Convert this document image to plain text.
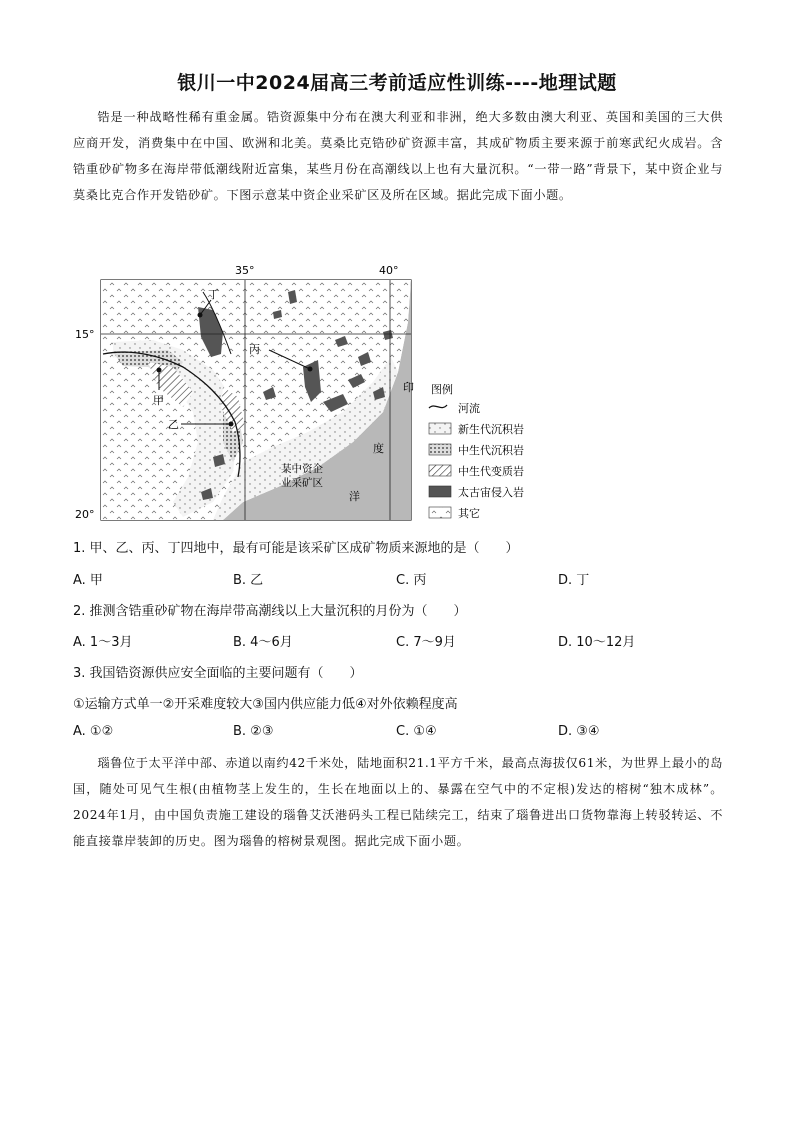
银川一中2024届高三考前适应性训练----地理试题

锆是一种战略性稀有重金属。锆资源集中分布在澳大利亚和非洲，绝大多数由澳大利亚、英国和美国的三大供应商开发，消费集中在中国、欧洲和北美。莫桑比克锆砂矿资源丰富，其成矿物质主要来源于前寒武纪火成岩。含锆重砂矿物多在海岸带低潮线附近富集，某些月份在高潮线以上也有大量沉积。“一带一路”背景下，某中资企业与莫桑比克合作开发锆砂矿。下图示意某中资企业采矿区及所在区域。据此完成下面小题。

35°	40°
15°
20°
丁
丙
甲
乙
某中资企
业采矿区
印
度
洋
图例
河流
新生代沉积岩
中生代沉积岩
中生代变质岩
太古宙侵入岩
其它
1. 甲、乙、丙、丁四地中，最有可能是该采矿区成矿物质来源地的是（　　）
A. 甲	B. 乙	C. 丙	D. 丁
2. 推测含锆重砂矿物在海岸带高潮线以上大量沉积的月份为（　　）
A. 1～3月	B. 4～6月	C. 7～9月	D. 10～12月
3. 我国锆资源供应安全面临的主要问题有（　　）
①运输方式单一②开采难度较大③国内供应能力低④对外依赖程度高
A. ①②	B. ②③	C. ①④	D. ③④

瑙鲁位于太平洋中部、赤道以南约42千米处，陆地面积21.1平方千米，最高点海拔仅61米，为世界上最小的岛国，随处可见气生根(由植物茎上发生的，生长在地面以上的、暴露在空气中的不定根)发达的榕树“独木成林”。2024年1月，由中国负责施工建设的瑙鲁艾沃港码头工程已陆续完工，结束了瑙鲁进出口货物靠海上转驳转运、不能直接靠岸装卸的历史。图为瑙鲁的榕树景观图。据此完成下面小题。
